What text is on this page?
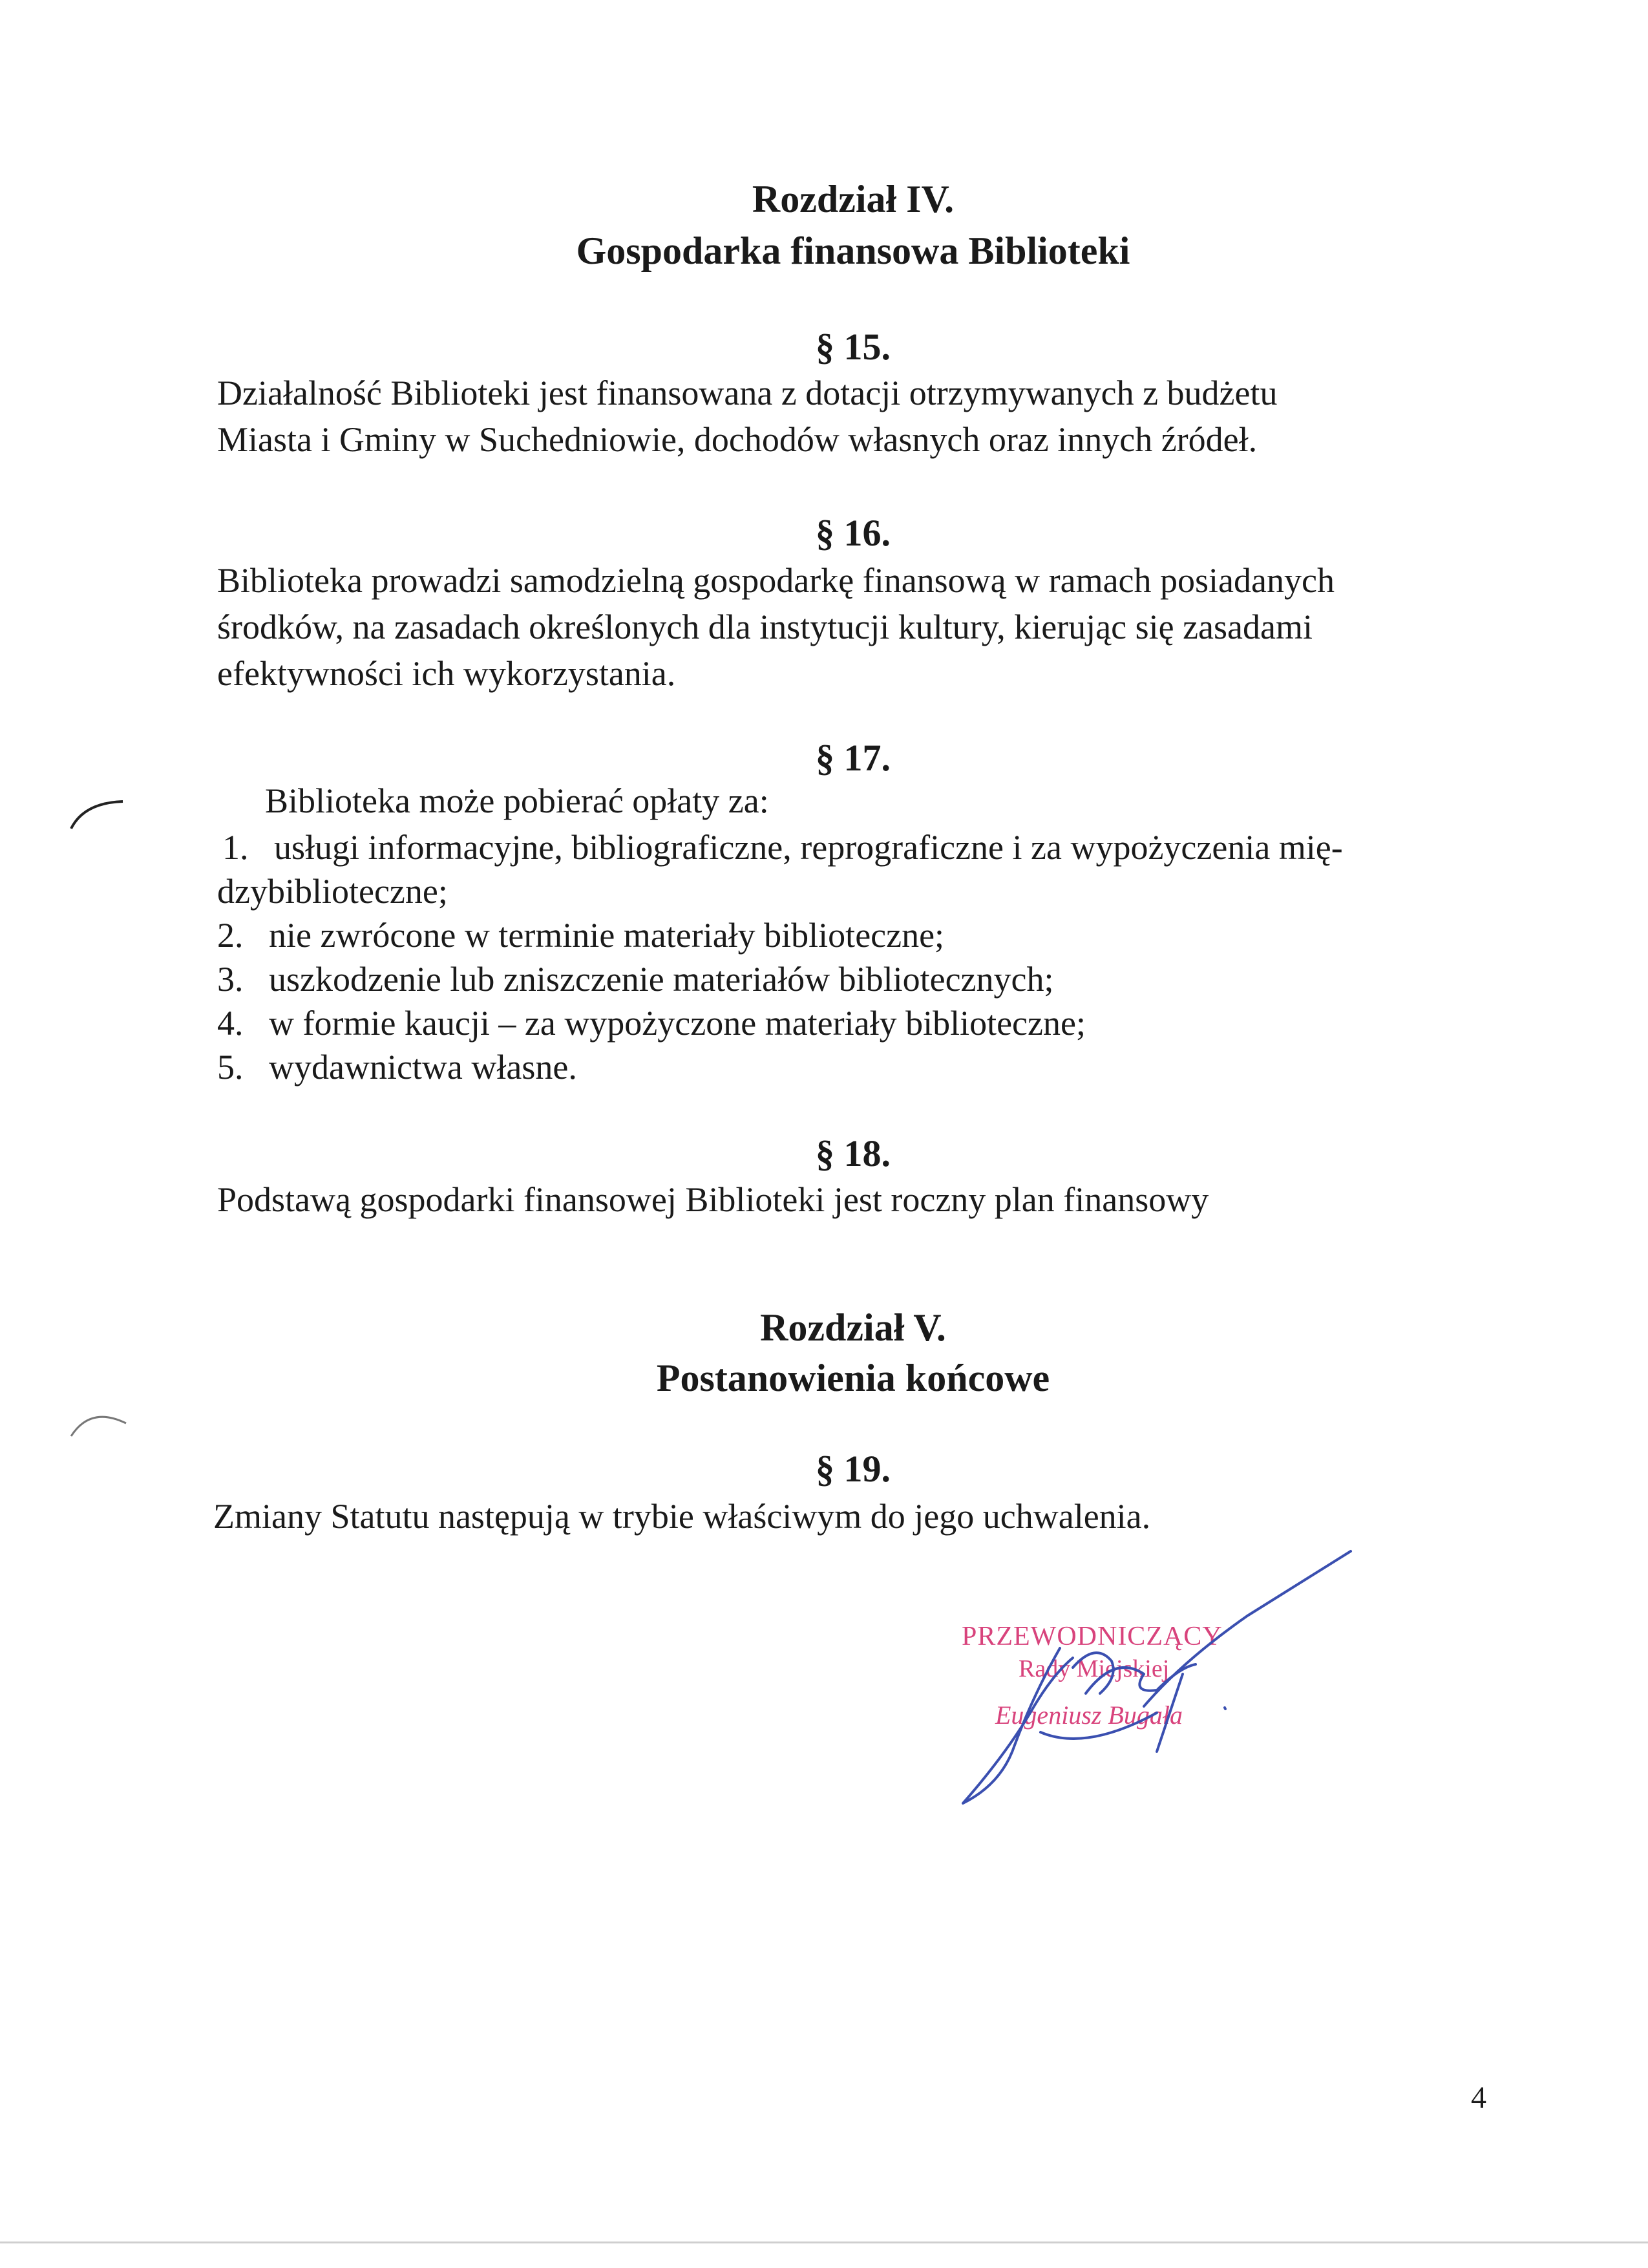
Rozdział IV.
Gospodarka finansowa Biblioteki
§ 15.
Działalność Biblioteki jest finansowana z dotacji otrzymywanych z budżetu
Miasta i Gminy w Suchedniowie, dochodów własnych oraz innych źródeł.
§ 16.
Biblioteka prowadzi samodzielną gospodarkę finansową w ramach posiadanych
środków, na zasadach określonych dla instytucji kultury, kierując się zasadami
efektywności ich wykorzystania.
§ 17.
Biblioteka może pobierać opłaty za:
1. usługi informacyjne, bibliograficzne, reprograficzne i za wypożyczenia mię-
dzybiblioteczne;
2. nie zwrócone w terminie materiały biblioteczne;
3. uszkodzenie lub zniszczenie materiałów bibliotecznych;
4. w formie kaucji – za wypożyczone materiały biblioteczne;
5. wydawnictwa własne.
§ 18.
Podstawą gospodarki finansowej Biblioteki jest roczny plan finansowy
Rozdział V.
Postanowienia końcowe
§ 19.
Zmiany Statutu następują w trybie właściwym do jego uchwalenia.
PRZEWODNICZĄCY
Rady Miejskiej
Eugeniusz Bugała
4
